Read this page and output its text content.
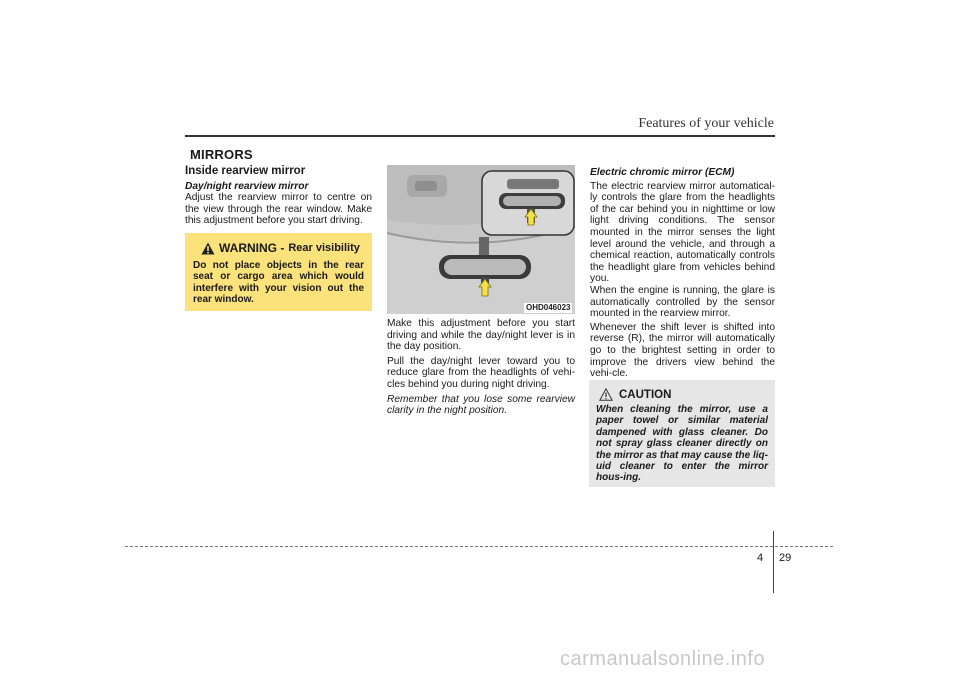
Features of your vehicle
MIRRORS
Inside rearview mirror
Day/night rearview mirror
Adjust the rearview mirror to centre on the view through the rear window. Make this adjustment before you start driving.
WARNING - Rear visibility
Do not place objects in the rear seat or cargo area which would interfere with your vision out the rear window.
OHD046023
Make this adjustment before you start driving and while the day/night lever is in the day position.
Pull the day/night lever toward you to reduce glare from the headlights of vehi-cles behind you during night driving.
Remember that you lose some rearview clarity in the night position.
Electric chromic mirror (ECM)
The electric rearview mirror automatical-ly controls the glare from the headlights of the car behind you in nighttime or low light driving conditions. The sensor mounted in the mirror senses the light level around the vehicle, and through a chemical reaction, automatically controls the headlight glare from vehicles behind you.
When the engine is running, the glare is automatically controlled by the sensor mounted in the rearview mirror.
Whenever the shift lever is shifted into reverse (R), the mirror will automatically go to the brightest setting in order to improve the drivers view behind the vehi-cle.
CAUTION
When cleaning the mirror, use a paper towel or similar material dampened with glass cleaner. Do not spray glass cleaner directly on the mirror as that may cause the liq-uid cleaner to enter the mirror hous-ing.
4 29
carmanualsonline.info
